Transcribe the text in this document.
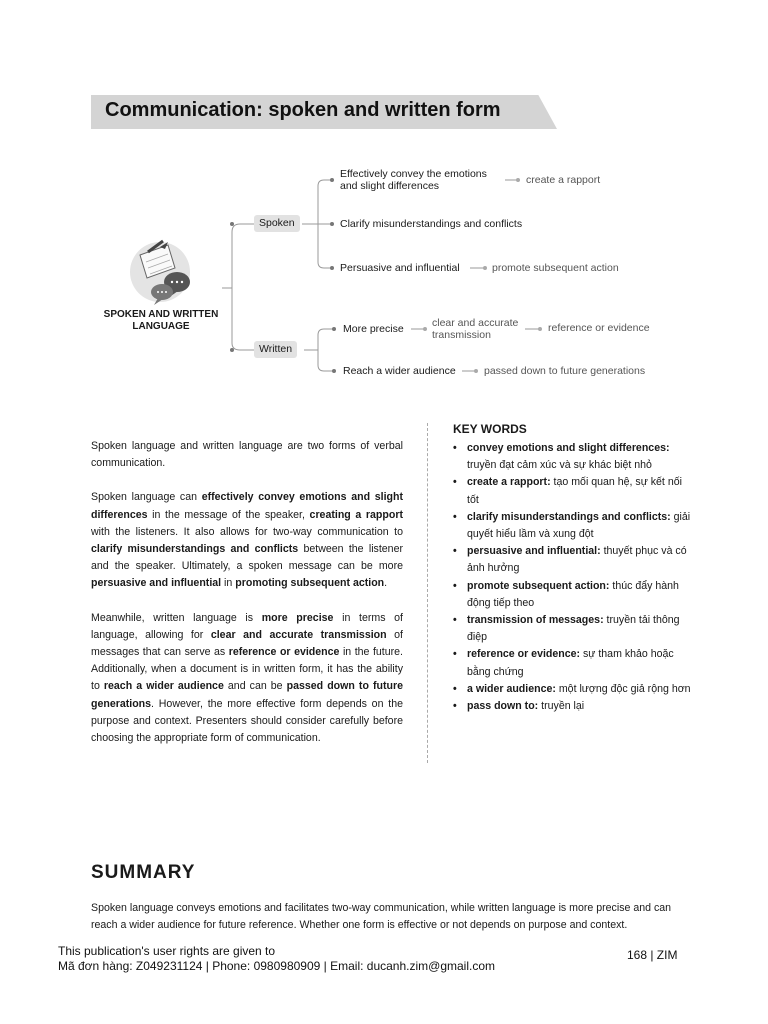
Communication: spoken and written form
SPOKEN AND WRITTEN LANGUAGE
Spoken
Written
Effectively convey the emotions and slight differences	create a rapport
Clarify misunderstandings and conflicts
Persuasive and influential	promote subsequent action
More precise	clear and accurate transmission
reference or evidence
Reach a wider audience	passed down to future generations

Spoken language and written language are two forms of verbal communication.

Spoken language can effectively convey emotions and slight differences in the message of the speaker, creating a rapport with the listeners. It also allows for two-way communication to clarify misunderstandings and conflicts between the listener and the speaker. Ultimately, a spoken message can be more persuasive and influential in promoting subsequent action.

Meanwhile, written language is more precise in terms of language, allowing for clear and accurate transmission of messages that can serve as reference or evidence in the future. Additionally, when a document is in written form, it has the ability to reach a wider audience and can be passed down to future generations. However, the more effective form depends on the purpose and context. Presenters should consider carefully before choosing the appropriate form of communication.

KEY WORDS
• convey emotions and slight differences: truyền đạt cảm xúc và sự khác biệt nhỏ
• create a rapport: tạo mối quan hệ, sự kết nối tốt
• clarify misunderstandings and conflicts: giải quyết hiểu lầm và xung đột
• persuasive and influential: thuyết phục và có ảnh hưởng
• promote subsequent action: thúc đẩy hành động tiếp theo
• transmission of messages: truyền tải thông điệp
• reference or evidence: sự tham khảo hoặc bằng chứng
• a wider audience: một lượng độc giả rộng hơn
• pass down to: truyền lại
SUMMARY
Spoken language conveys emotions and facilitates two-way communication, while written language is more precise and can reach a wider audience for future reference. Whether one form is effective or not depends on purpose and context.
This publication's user rights are given to
Mã đơn hàng: Z049231124 | Phone: 0980980909 | Email: ducanh.zim@gmail.com
168 | ZIM
